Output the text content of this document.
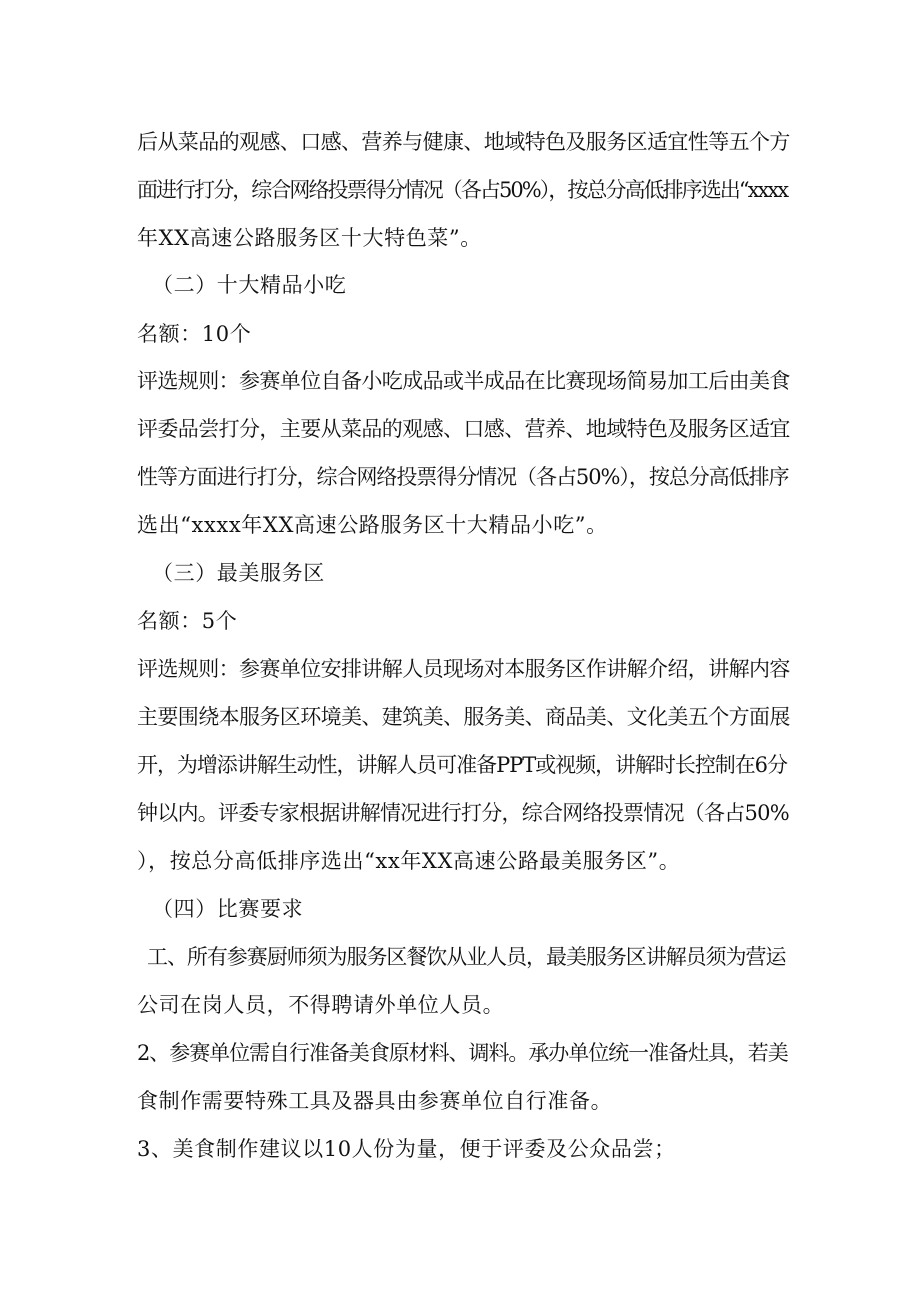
后从菜品的观感、口感、营养与健康、地域特色及服务区适宜性等五个方
面进行打分，综合网络投票得分情况（各占50%），按总分高低排序选出“xxxx
年XX高速公路服务区十大特色菜”。
（二）十大精品小吃
名额：10个
评选规则：参赛单位自备小吃成品或半成品在比赛现场简易加工后由美食
评委品尝打分，主要从菜品的观感、口感、营养、地域特色及服务区适宜
性等方面进行打分，综合网络投票得分情况（各占50%），按总分高低排序
选出“xxxx年XX高速公路服务区十大精品小吃”。
（三）最美服务区
名额：5个
评选规则：参赛单位安排讲解人员现场对本服务区作讲解介绍，讲解内容
主要围绕本服务区环境美、建筑美、服务美、商品美、文化美五个方面展
开，为增添讲解生动性，讲解人员可准备PPT或视频，讲解时长控制在6分
钟以内。评委专家根据讲解情况进行打分，综合网络投票情况（各占50%
），按总分高低排序选出“xx年XX高速公路最美服务区”。
（四）比赛要求
工、所有参赛厨师须为服务区餐饮从业人员，最美服务区讲解员须为营运
公司在岗人员，不得聘请外单位人员。
2、参赛单位需自行准备美食原材料、调料。承办单位统一准备灶具，若美
食制作需要特殊工具及器具由参赛单位自行准备。
3、美食制作建议以10人份为量，便于评委及公众品尝；
